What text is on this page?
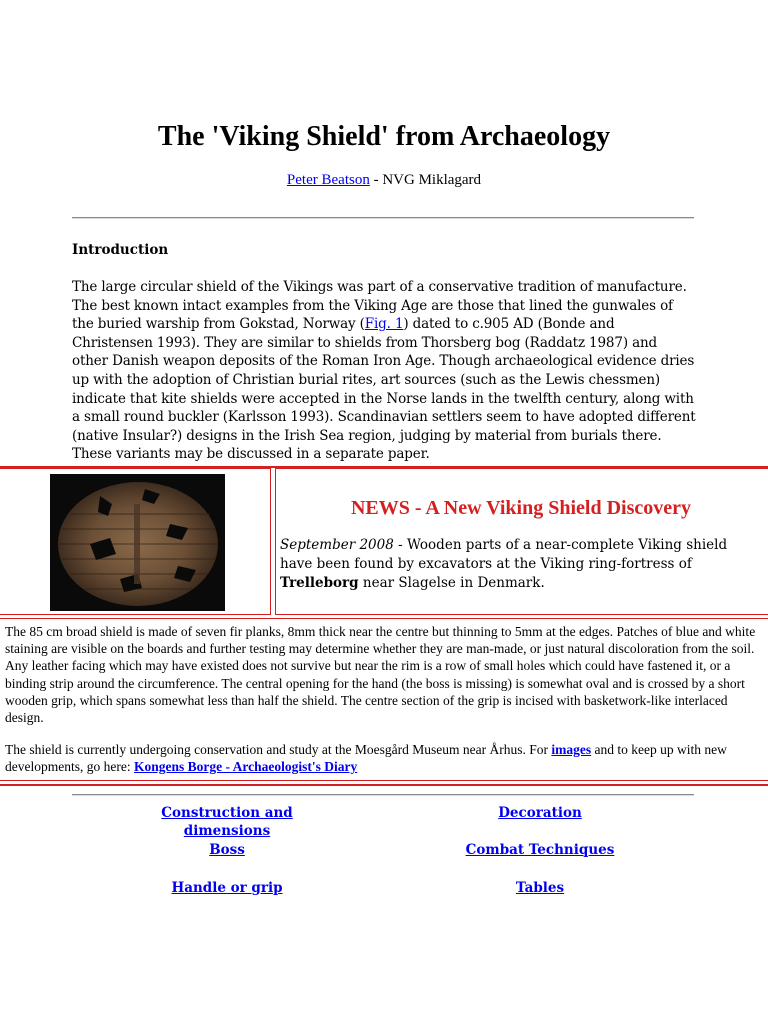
The 'Viking Shield' from Archaeology
Peter Beatson - NVG Miklagard
Introduction
The large circular shield of the Vikings was part of a conservative tradition of manufacture. The best known intact examples from the Viking Age are those that lined the gunwales of the buried warship from Gokstad, Norway (Fig. 1) dated to c.905 AD (Bonde and Christensen 1993). They are similar to shields from Thorsberg bog (Raddatz 1987) and other Danish weapon deposits of the Roman Iron Age. Though archaeological evidence dries up with the adoption of Christian burial rites, art sources (such as the Lewis chessmen) indicate that kite shields were accepted in the Norse lands in the twelfth century, along with a small round buckler (Karlsson 1993). Scandinavian settlers seem to have adopted different (native Insular?) designs in the Irish Sea region, judging by material from burials there. These variants may be discussed in a separate paper.
NEWS - A New Viking Shield Discovery
September 2008 - Wooden parts of a near-complete Viking shield have been found by excavators at the Viking ring-fortress of Trelleborg near Slagelse in Denmark.
The 85 cm broad shield is made of seven fir planks, 8mm thick near the centre but thinning to 5mm at the edges. Patches of blue and white staining are visible on the boards and further testing may determine whether they are man-made, or just natural discoloration from the soil. Any leather facing which may have existed does not survive but near the rim is a row of small holes which could have fastened it, or a binding strip around the circumference. The central opening for the hand (the boss is missing) is somewhat oval and is crossed by a short wooden grip, which spans somewhat less than half the shield. The centre section of the grip is incised with basketwork-like interlaced design.
The shield is currently undergoing conservation and study at the Moesgård Museum near Århus. For images and to keep up with new developments, go here: Kongens Borge - Archaeologist's Diary
Construction and dimensions
Decoration
Boss	Combat Techniques
Handle or grip	Tables
